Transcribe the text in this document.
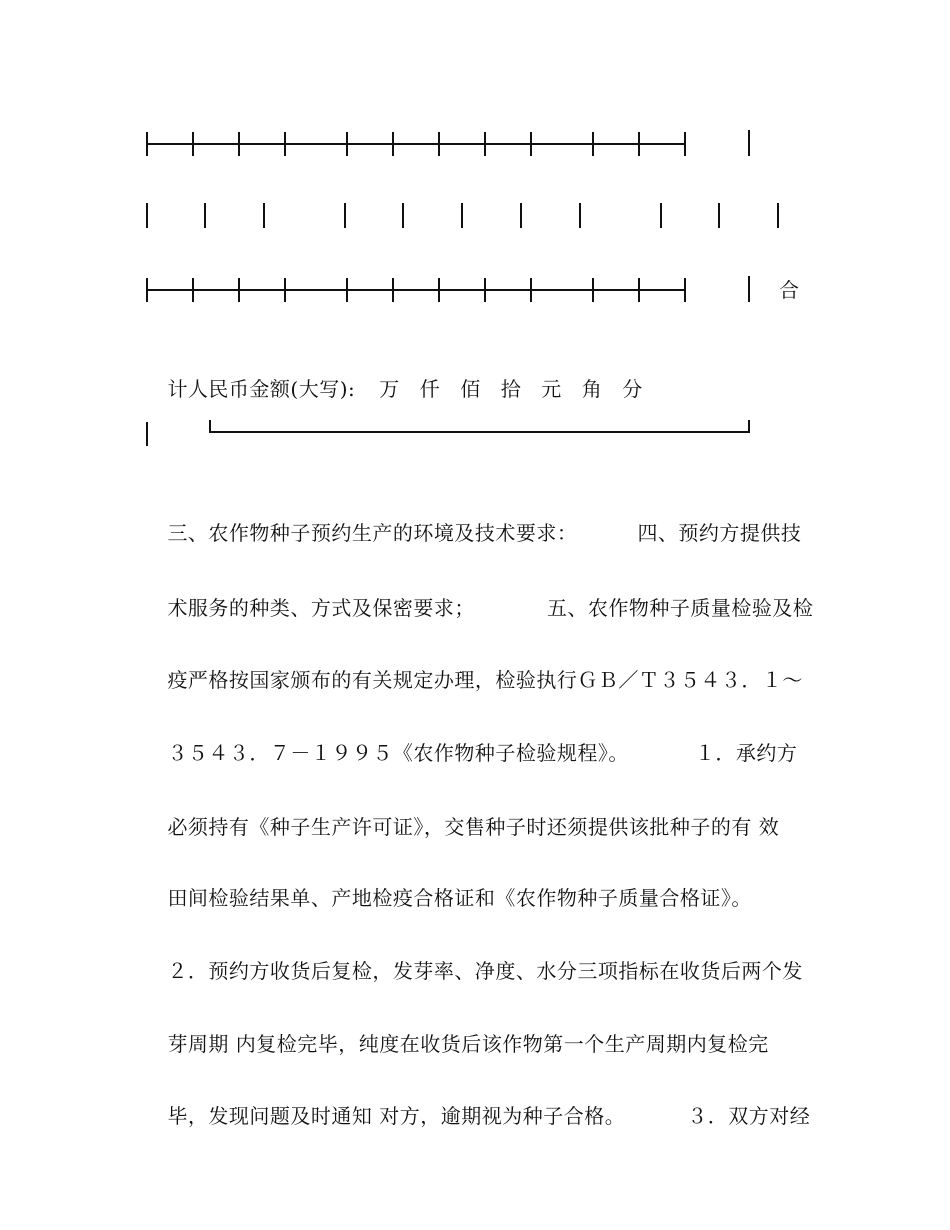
合

计人民币金额(大写): 万 仟 佰 拾 元 角 分

三、农作物种子预约生产的环境及技术要求：	四、预约方提供技

术服务的种类、方式及保密要求；	五、农作物种子质量检验及检

疫严格按国家颁布的有关规定办理，检验执行ＧＢ／Ｔ３５４３．１～

３５４３．７－１９９５《农作物种子检验规程》。	１．承约方

必须持有《种子生产许可证》，交售种子时还须提供该批种子的有 效

田间检验结果单、产地检疫合格证和《农作物种子质量合格证》。

２．预约方收货后复检，发芽率、净度、水分三项指标在收货后两个发

芽周期 内复检完毕，纯度在收货后该作物第一个生产周期内复检完

毕，发现问题及时通知 对方，逾期视为种子合格。	３．双方对经
